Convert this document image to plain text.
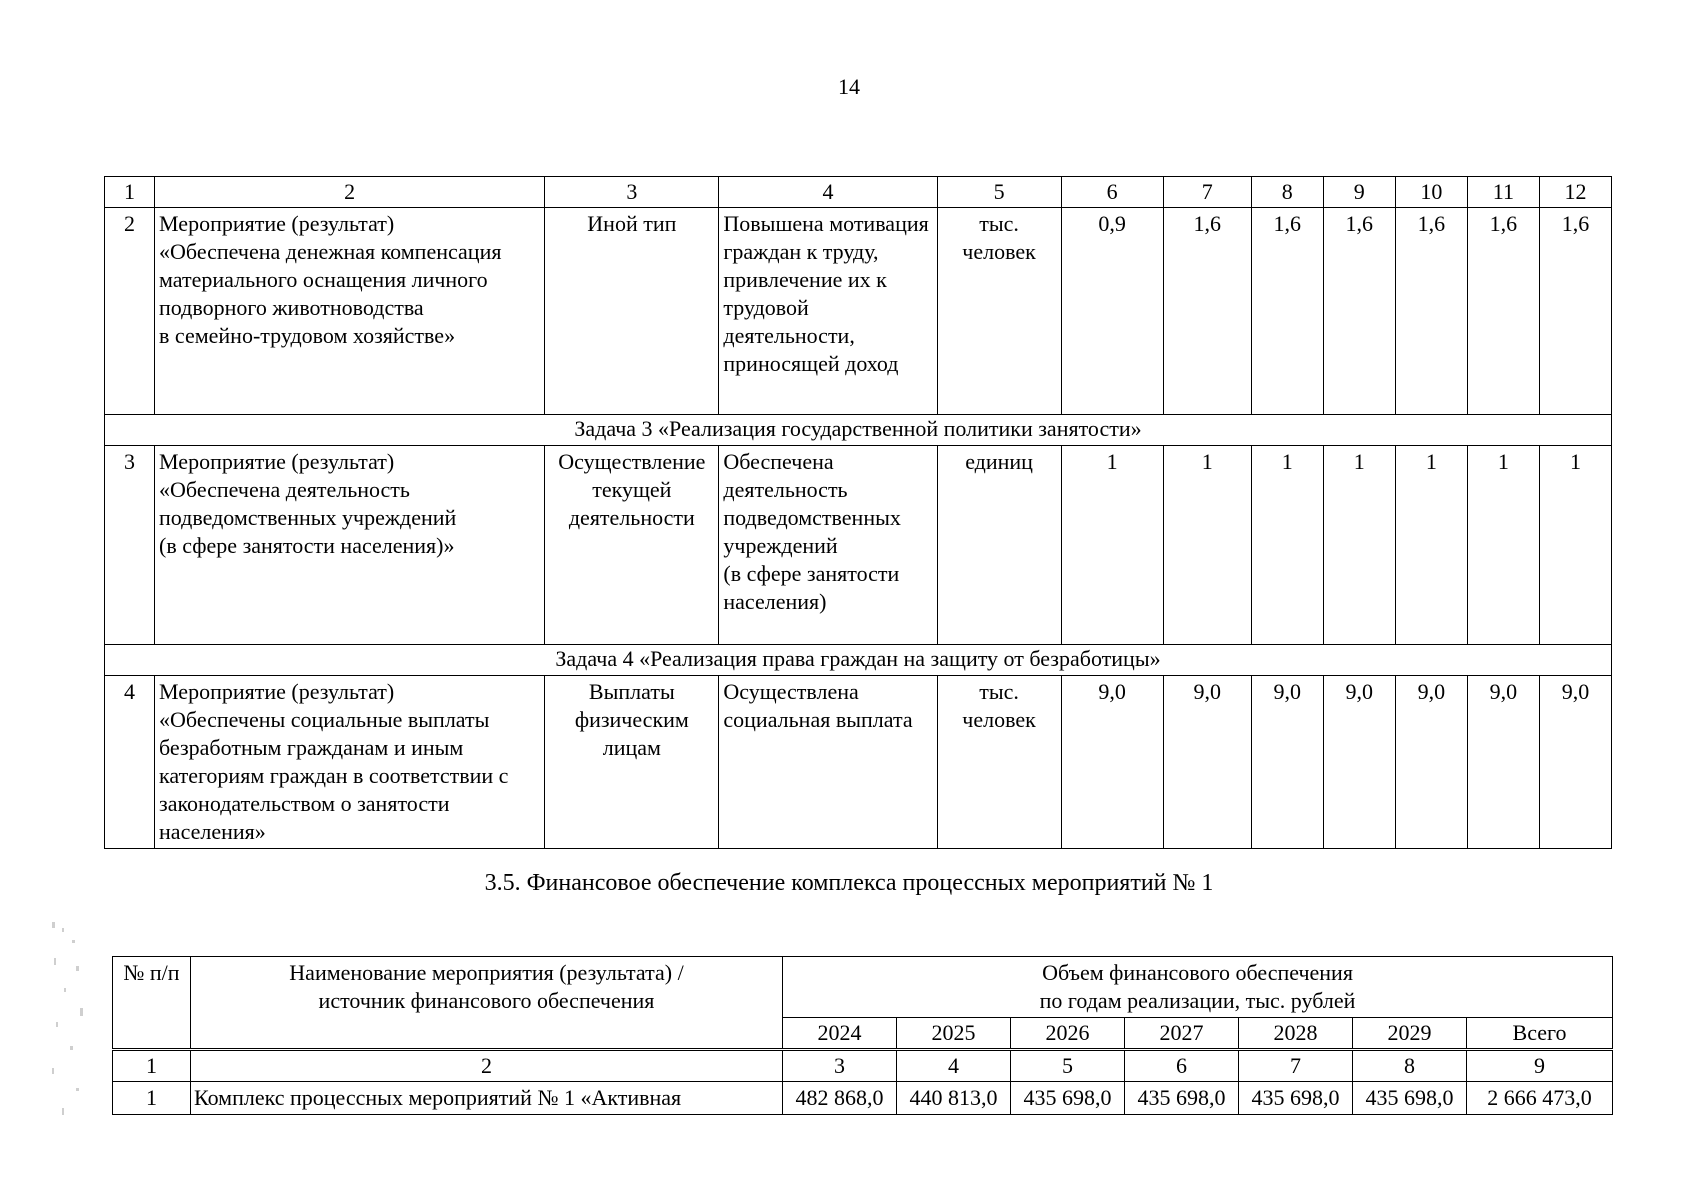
14
1	2	3	4	5	6	7	8	9	10	11	12
2	Мероприятие (результат)
«Обеспечена денежная компенсация материального оснащения личного подворного животноводства
в семейно-трудовом хозяйстве»	Иной тип	Повышена мотивация граждан к труду,
привлечение их к трудовой деятельности,
приносящей доход	тыс.
человек	0,9	1,6	1,6	1,6	1,6	1,6	1,6
Задача 3 «Реализация государственной политики занятости»											
3	Мероприятие (результат)
«Обеспечена деятельность подведомственных учреждений
(в сфере занятости населения)»	Осуществление текущей деятельности	Обеспечена деятельность подведомственных учреждений
(в сфере занятости населения)	единиц	1	1	1	1	1	1	1
Задача 4 «Реализация права граждан на защиту от безработицы»											
4	Мероприятие (результат)
«Обеспечены социальные выплаты безработным гражданам и иным категориям граждан в соответствии с законодательством о занятости населения»	Выплаты физическим лицам	Осуществлена социальная выплата	тыс.
человек	9,0	9,0	9,0	9,0	9,0	9,0	9,0
3.5. Финансовое обеспечение комплекса процессных мероприятий № 1
№ п/п	Наименование мероприятия (результата) /
источник финансового обеспечения	Объем финансового обеспечения
по годам реализации, тыс. рублей						
		2024	2025	2026	2027	2028	2029	Всего
1	2	3	4	5	6	7	8	9
1	Комплекс процессных мероприятий № 1 «Активная	482 868,0	440 813,0	435 698,0	435 698,0	435 698,0	435 698,0	2 666 473,0
